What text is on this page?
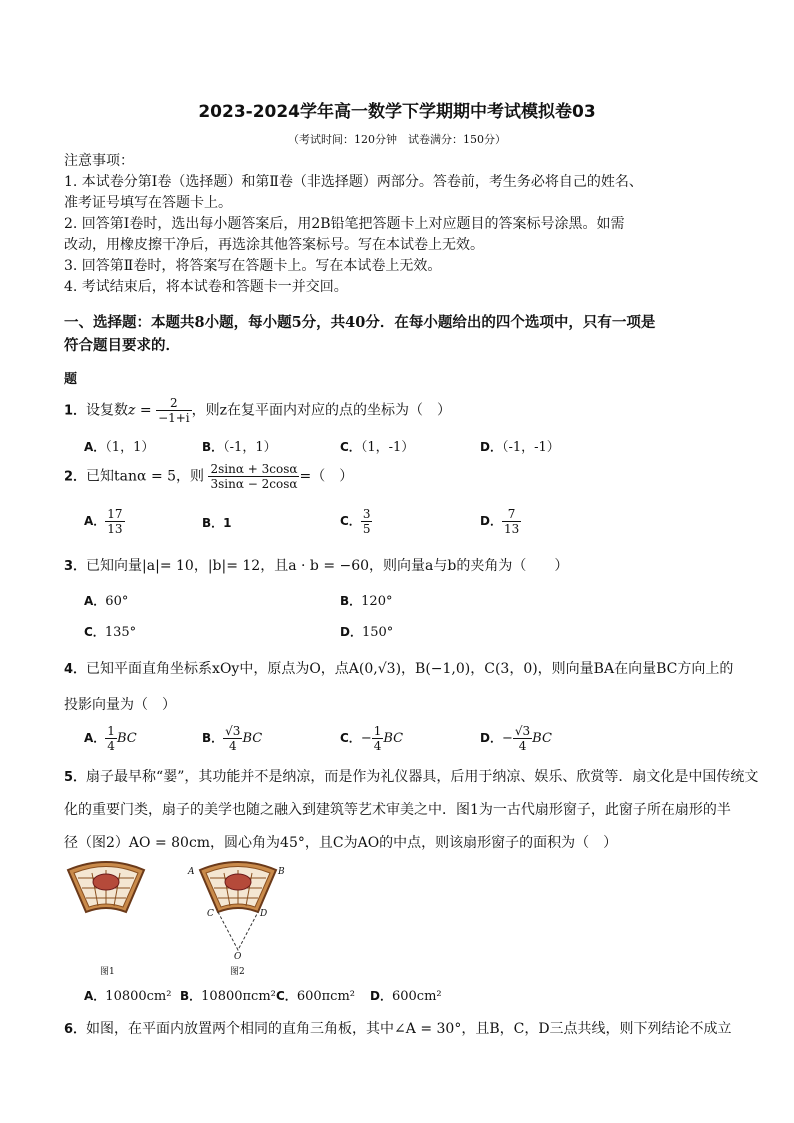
2023-2024学年高一数学下学期期中考试模拟卷03
（考试时间：120分钟　试卷满分：150分）
注意事项：
1. 本试卷分第Ⅰ卷（选择题）和第Ⅱ卷（非选择题）两部分。答卷前，考生务必将自己的姓名、
准考证号填写在答题卡上。
2. 回答第Ⅰ卷时，选出每小题答案后，用2B铅笔把答题卡上对应题目的答案标号涂黑。如需
改动，用橡皮擦干净后，再选涂其他答案标号。写在本试卷上无效。
3. 回答第Ⅱ卷时，将答案写在答题卡上。写在本试卷上无效。
4. 考试结束后，将本试卷和答题卡一并交回。
一、选择题：本题共8小题，每小题5分，共40分．在每小题给出的四个选项中，只有一项是
符合题目要求的．
题
1．设复数$z = \frac{2}{-1+i}$ ，则z在复平面内对应的点的坐标为（　）
A．（1，1）	B．（-1，1）	C．（1，-1）	D．（-1，-1）
2．已知tanα = 5，则 $\frac{2\sin\alpha + 3\cos\alpha}{3\sin\alpha - 2\cos\alpha}$ =（　）
A． $\frac{17}{13}$	B．1	C． $\frac{3}{5}$	D． $\frac{7}{13}$
3．已知向量|a|= 10，|b|= 12，且a · b = −60，则向量a与b的夹角为（　　）
A．60°	B．120°
C．135°	D．150°
4．已知平面直角坐标系xOy中，原点为O，点A(0,√3)，B(−1,0)，C(3，0)，则向量BA在向量BC方向上的
投影向量为（　）
A． $\frac{1}{4}$ BC	B． $\frac{√3}{4}$ BC	C．− $\frac{1}{4}$ BC	D．− $\frac{√3}{4}$ BC
5．扇子最早称“翣”，其功能并不是纳凉，而是作为礼仪器具，后用于纳凉、娱乐、欣赏等．扇文化是中国传统文
化的重要门类，扇子的美学也随之融入到建筑等艺术审美之中．图1为一古代扇形窗子，此窗子所在扇形的半
径（图2）AO = 80cm，圆心角为45°，且C为AO的中点，则该扇形窗子的面积为（　）
A	B
C	D
O
图1	图2
A．10800cm² B．10800πcm² C．600πcm² D．600cm²
6．如图，在平面内放置两个相同的直角三角板，其中∠A = 30°，且B，C，D三点共线，则下列结论不成立
